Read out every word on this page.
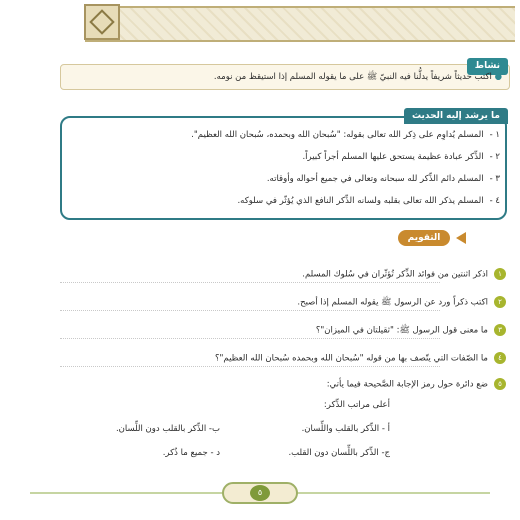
نشاط
● اكتب حديثاً شريفاً يدلُّنا فيه النبيّ ﷺ على ما يقوله المسلم إذا استيقظ من نومه.
ما يرشد إليه الحديث
١ -المسلم يُداوِم على ذِكر الله تعالى بقوله: "سُبحان الله وبحمده، سُبحان الله العظيم".
٢ -الذِّكر عبادة عظيمة يستحق عليها المسلم أجراً كبيراً.
٣ -المسلم دائم الذِّكر لله سبحانه وتعالى في جميع أحواله وأوقاته.
٤ -المسلم يذكر الله تعالى بقلبه ولسانه الذِّكر النافع الذي يُؤثّر في سلوكه.
التقويم
١اذكر اثنتين من فوائد الذِّكر تُؤثّران في سُلوك المسلم.
٢اكتب ذكراً ورد عن الرسول ﷺ يقوله المسلم إذا أصبح.
٣ما معنى قول الرسول ﷺ: "ثقيلتان في الميزان"؟
٤ما الصّفات التي يتّصف بها من قوله "سُبحان الله وبحمده سُبحان الله العظيم"؟
٥ضع دائرة حول رمز الإجابة الصَّحيحة فيما يأتي:
أعلى مراتب الذِّكر:
أ - الذِّكر بالقلب واللِّسان.
ب- الذِّكر بالقلب دون اللِّسان.
ج- الذِّكر باللِّسان دون القلب.
د - جميع ما ذُكر.
٥
